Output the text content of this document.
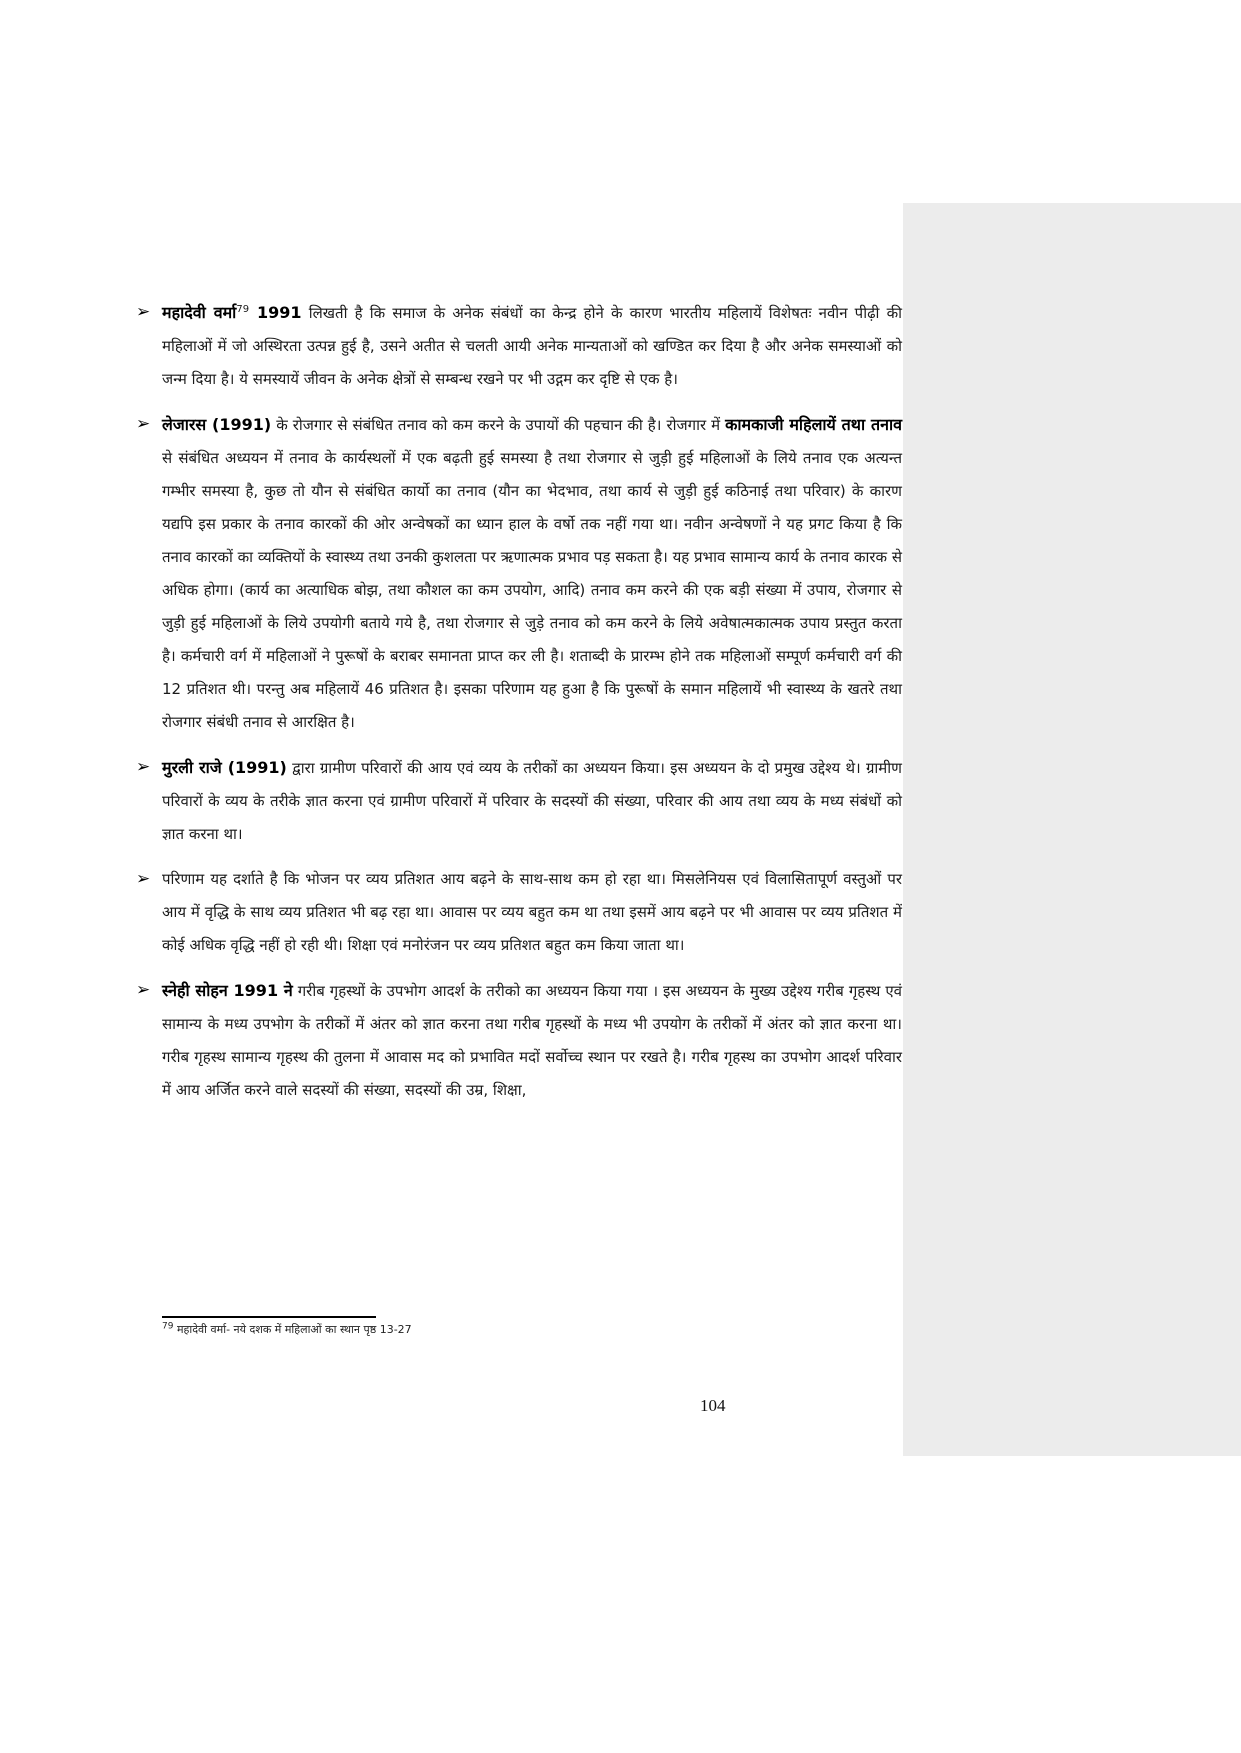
➢ महादेवी वर्मा$^{79}$ 1991 लिखती है कि समाज के अनेक संबंधों का केन्द्र होने के कारण भारतीय महिलायें विशेषतः नवीन पीढ़ी की महिलाओं में जो अस्थिरता उत्पन्न हुई है, उसने अतीत से चलती आयी अनेक मान्यताओं को खण्डित कर दिया है और अनेक समस्याओं को जन्म दिया है। ये समस्यायें जीवन के अनेक क्षेत्रों से सम्बन्ध रखने पर भी उद्गम कर दृष्टि से एक है।
➢ लेजारस (1991) के रोजगार से संबंधित तनाव को कम करने के उपायों की पहचान की है। रोजगार में कामकाजी महिलायें तथा तनाव से संबंधित अध्ययन में तनाव के कार्यस्थलों में एक बढ़ती हुई समस्या है तथा रोजगार से जुड़ी हुई महिलाओं के लिये तनाव एक अत्यन्त गम्भीर समस्या है, कुछ तो यौन से संबंधित कार्यो का तनाव (यौन का भेदभाव, तथा कार्य से जुड़ी हुई कठिनाई तथा परिवार) के कारण यद्यपि इस प्रकार के तनाव कारकों की ओर अन्वेषकों का ध्यान हाल के वर्षो तक नहीं गया था। नवीन अन्वेषणों ने यह प्रगट किया है कि तनाव कारकों का व्यक्तियों के स्वास्थ्य तथा उनकी कुशलता पर ऋणात्मक प्रभाव पड़ सकता है। यह प्रभाव सामान्य कार्य के तनाव कारक से अधिक होगा। (कार्य का अत्याधिक बोझ, तथा कौशल का कम उपयोग, आदि) तनाव कम करने की एक बड़ी संख्या में उपाय, रोजगार से जुड़ी हुई महिलाओं के लिये उपयोगी बताये गये है, तथा रोजगार से जुड़े तनाव को कम करने के लिये अवेषात्मकात्मक उपाय प्रस्तुत करता है। कर्मचारी वर्ग में महिलाओं ने पुरूषों के बराबर समानता प्राप्त कर ली है। शताब्दी के प्रारम्भ होने तक महिलाओं सम्पूर्ण कर्मचारी वर्ग की 12 प्रतिशत थी। परन्तु अब महिलायें 46 प्रतिशत है। इसका परिणाम यह हुआ है कि पुरूषों के समान महिलायें भी स्वास्थ्य के खतरे तथा रोजगार संबंधी तनाव से आरक्षित है।
➢ मुरली राजे (1991) द्वारा ग्रामीण परिवारों की आय एवं व्यय के तरीकों का अध्ययन किया। इस अध्ययन के दो प्रमुख उद्देश्य थे। ग्रामीण परिवारों के व्यय के तरीके ज्ञात करना एवं ग्रामीण परिवारों में परिवार के सदस्यों की संख्या, परिवार की आय तथा व्यय के मध्य संबंधों को ज्ञात करना था।
➢ परिणाम यह दर्शाते है कि भोजन पर व्यय प्रतिशत आय बढ़ने के साथ-साथ कम हो रहा था। मिसलेनियस एवं विलासितापूर्ण वस्तुओं पर आय में वृद्धि के साथ व्यय प्रतिशत भी बढ़ रहा था। आवास पर व्यय बहुत कम था तथा इसमें आय बढ़ने पर भी आवास पर व्यय प्रतिशत में कोई अधिक वृद्धि नहीं हो रही थी। शिक्षा एवं मनोरंजन पर व्यय प्रतिशत बहुत कम किया जाता था।
➢ स्नेही सोहन 1991 ने गरीब गृहस्थों के उपभोग आदर्श के तरीको का अध्ययन किया गया । इस अध्ययन के मुख्य उद्देश्य गरीब गृहस्थ एवं सामान्य के मध्य उपभोग के तरीकों में अंतर को ज्ञात करना तथा गरीब गृहस्थों के मध्य भी उपयोग के तरीकों में अंतर को ज्ञात करना था। गरीब गृहस्थ सामान्य गृहस्थ की तुलना में आवास मद को प्रभावित मदों सर्वोच्च स्थान पर रखते है। गरीब गृहस्थ का उपभोग आदर्श परिवार में आय अर्जित करने वाले सदस्यों की संख्या, सदस्यों की उम्र, शिक्षा,
$^{79}$ महादेवी वर्मा- नये दशक में महिलाओं का स्थान पृष्ठ 13-27
104
